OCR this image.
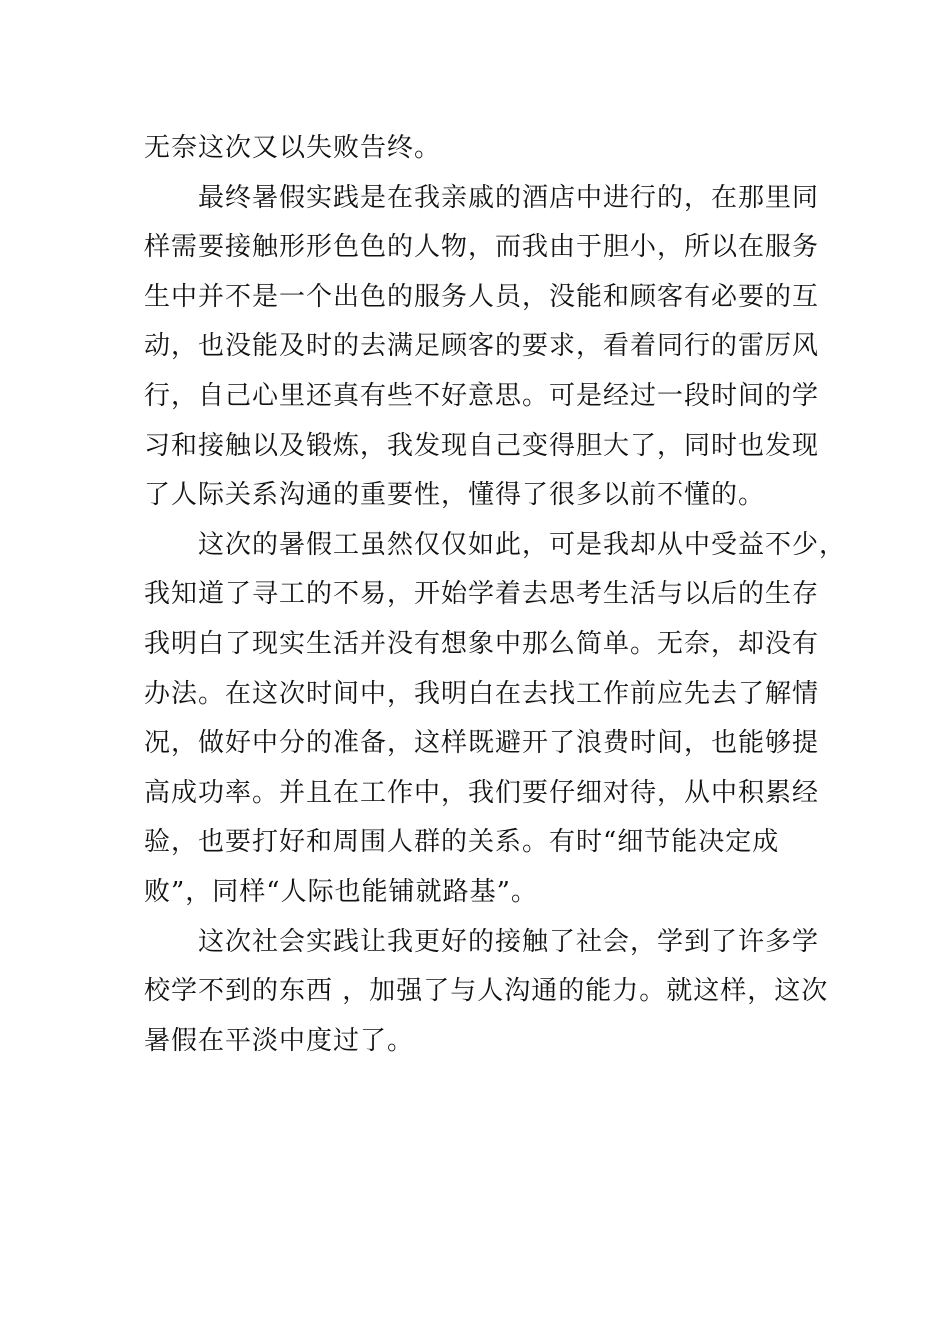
无奈这次又以失败告终。
　　最终暑假实践是在我亲戚的酒店中进行的，在那里同
样需要接触形形色色的人物，而我由于胆小，所以在服务
生中并不是一个出色的服务人员，没能和顾客有必要的互
动，也没能及时的去满足顾客的要求，看着同行的雷厉风
行，自己心里还真有些不好意思。可是经过一段时间的学
习和接触以及锻炼，我发现自己变得胆大了，同时也发现
了人际关系沟通的重要性，懂得了很多以前不懂的。
　　这次的暑假工虽然仅仅如此，可是我却从中受益不少，
我知道了寻工的不易，开始学着去思考生活与以后的生存
我明白了现实生活并没有想象中那么简单。无奈，却没有
办法。在这次时间中，我明白在去找工作前应先去了解情
况，做好中分的准备，这样既避开了浪费时间，也能够提
高成功率。并且在工作中，我们要仔细对待，从中积累经
验，也要打好和周围人群的关系。有时“细节能决定成
败”，同样“人际也能铺就路基”。
　　这次社会实践让我更好的接触了社会，学到了许多学
校学不到的东西 ，加强了与人沟通的能力。就这样，这次
暑假在平淡中度过了。
